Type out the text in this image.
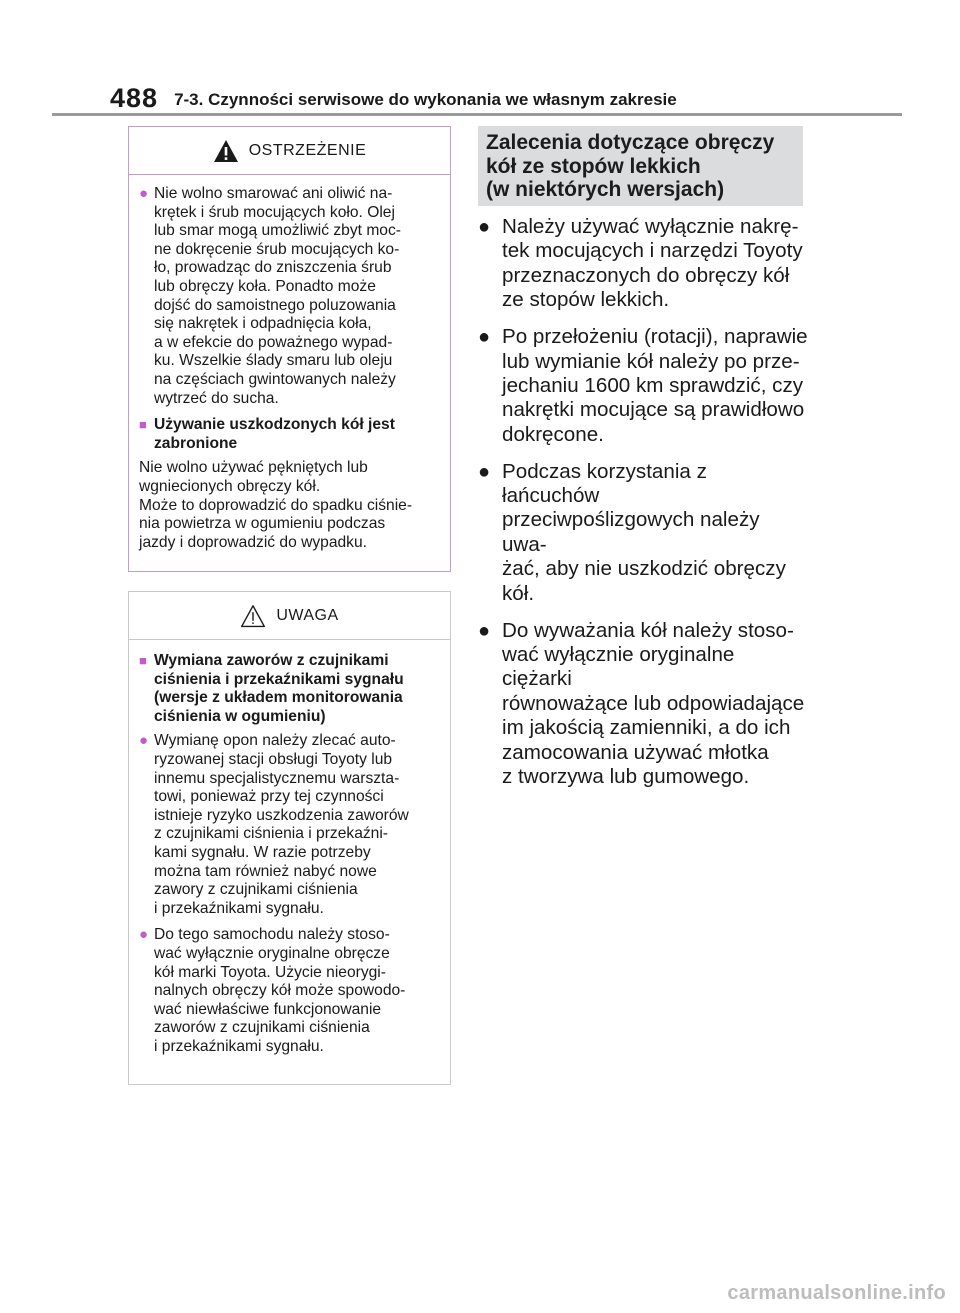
488 7-3. Czynności serwisowe do wykonania we własnym zakresie
OSTRZEŻENIE
● Nie wolno smarować ani oliwić na-
krętek i śrub mocujących koło. Olej
lub smar mogą umożliwić zbyt moc-
ne dokręcenie śrub mocujących ko-
ło, prowadząc do zniszczenia śrub
lub obręczy koła. Ponadto może
dojść do samoistnego poluzowania
się nakrętek i odpadnięcia koła,
a w efekcie do poważnego wypad-
ku. Wszelkie ślady smaru lub oleju
na częściach gwintowanych należy
wytrzeć do sucha.
■ Używanie uszkodzonych kół jest
zabronione
Nie wolno używać pękniętych lub
wgniecionych obręczy kół.
Może to doprowadzić do spadku ciśnie-
nia powietrza w ogumieniu podczas
jazdy i doprowadzić do wypadku.
UWAGA
■ Wymiana zaworów z czujnikami
ciśnienia i przekaźnikami sygnału
(wersje z układem monitorowania
ciśnienia w ogumieniu)
● Wymianę opon należy zlecać auto-
ryzowanej stacji obsługi Toyoty lub
innemu specjalistycznemu warszta-
towi, ponieważ przy tej czynności
istnieje ryzyko uszkodzenia zaworów
z czujnikami ciśnienia i przekaźni-
kami sygnału. W razie potrzeby
można tam również nabyć nowe
zawory z czujnikami ciśnienia
i przekaźnikami sygnału.
● Do tego samochodu należy stoso-
wać wyłącznie oryginalne obręcze
kół marki Toyota. Użycie nieorygi-
nalnych obręczy kół może spowodo-
wać niewłaściwe funkcjonowanie
zaworów z czujnikami ciśnienia
i przekaźnikami sygnału.
Zalecenia dotyczące obręczy
kół ze stopów lekkich
(w niektórych wersjach)
● Należy używać wyłącznie nakrę-
tek mocujących i narzędzi Toyoty
przeznaczonych do obręczy kół
ze stopów lekkich.
● Po przełożeniu (rotacji), naprawie
lub wymianie kół należy po prze-
jechaniu 1600 km sprawdzić, czy
nakrętki mocujące są prawidłowo
dokręcone.
● Podczas korzystania z łańcuchów
przeciwpoślizgowych należy uwa-
żać, aby nie uszkodzić obręczy
kół.
● Do wyważania kół należy stoso-
wać wyłącznie oryginalne ciężarki
równoważące lub odpowiadające
im jakością zamienniki, a do ich
zamocowania używać młotka
z tworzywa lub gumowego.
carmanualsonline.info
